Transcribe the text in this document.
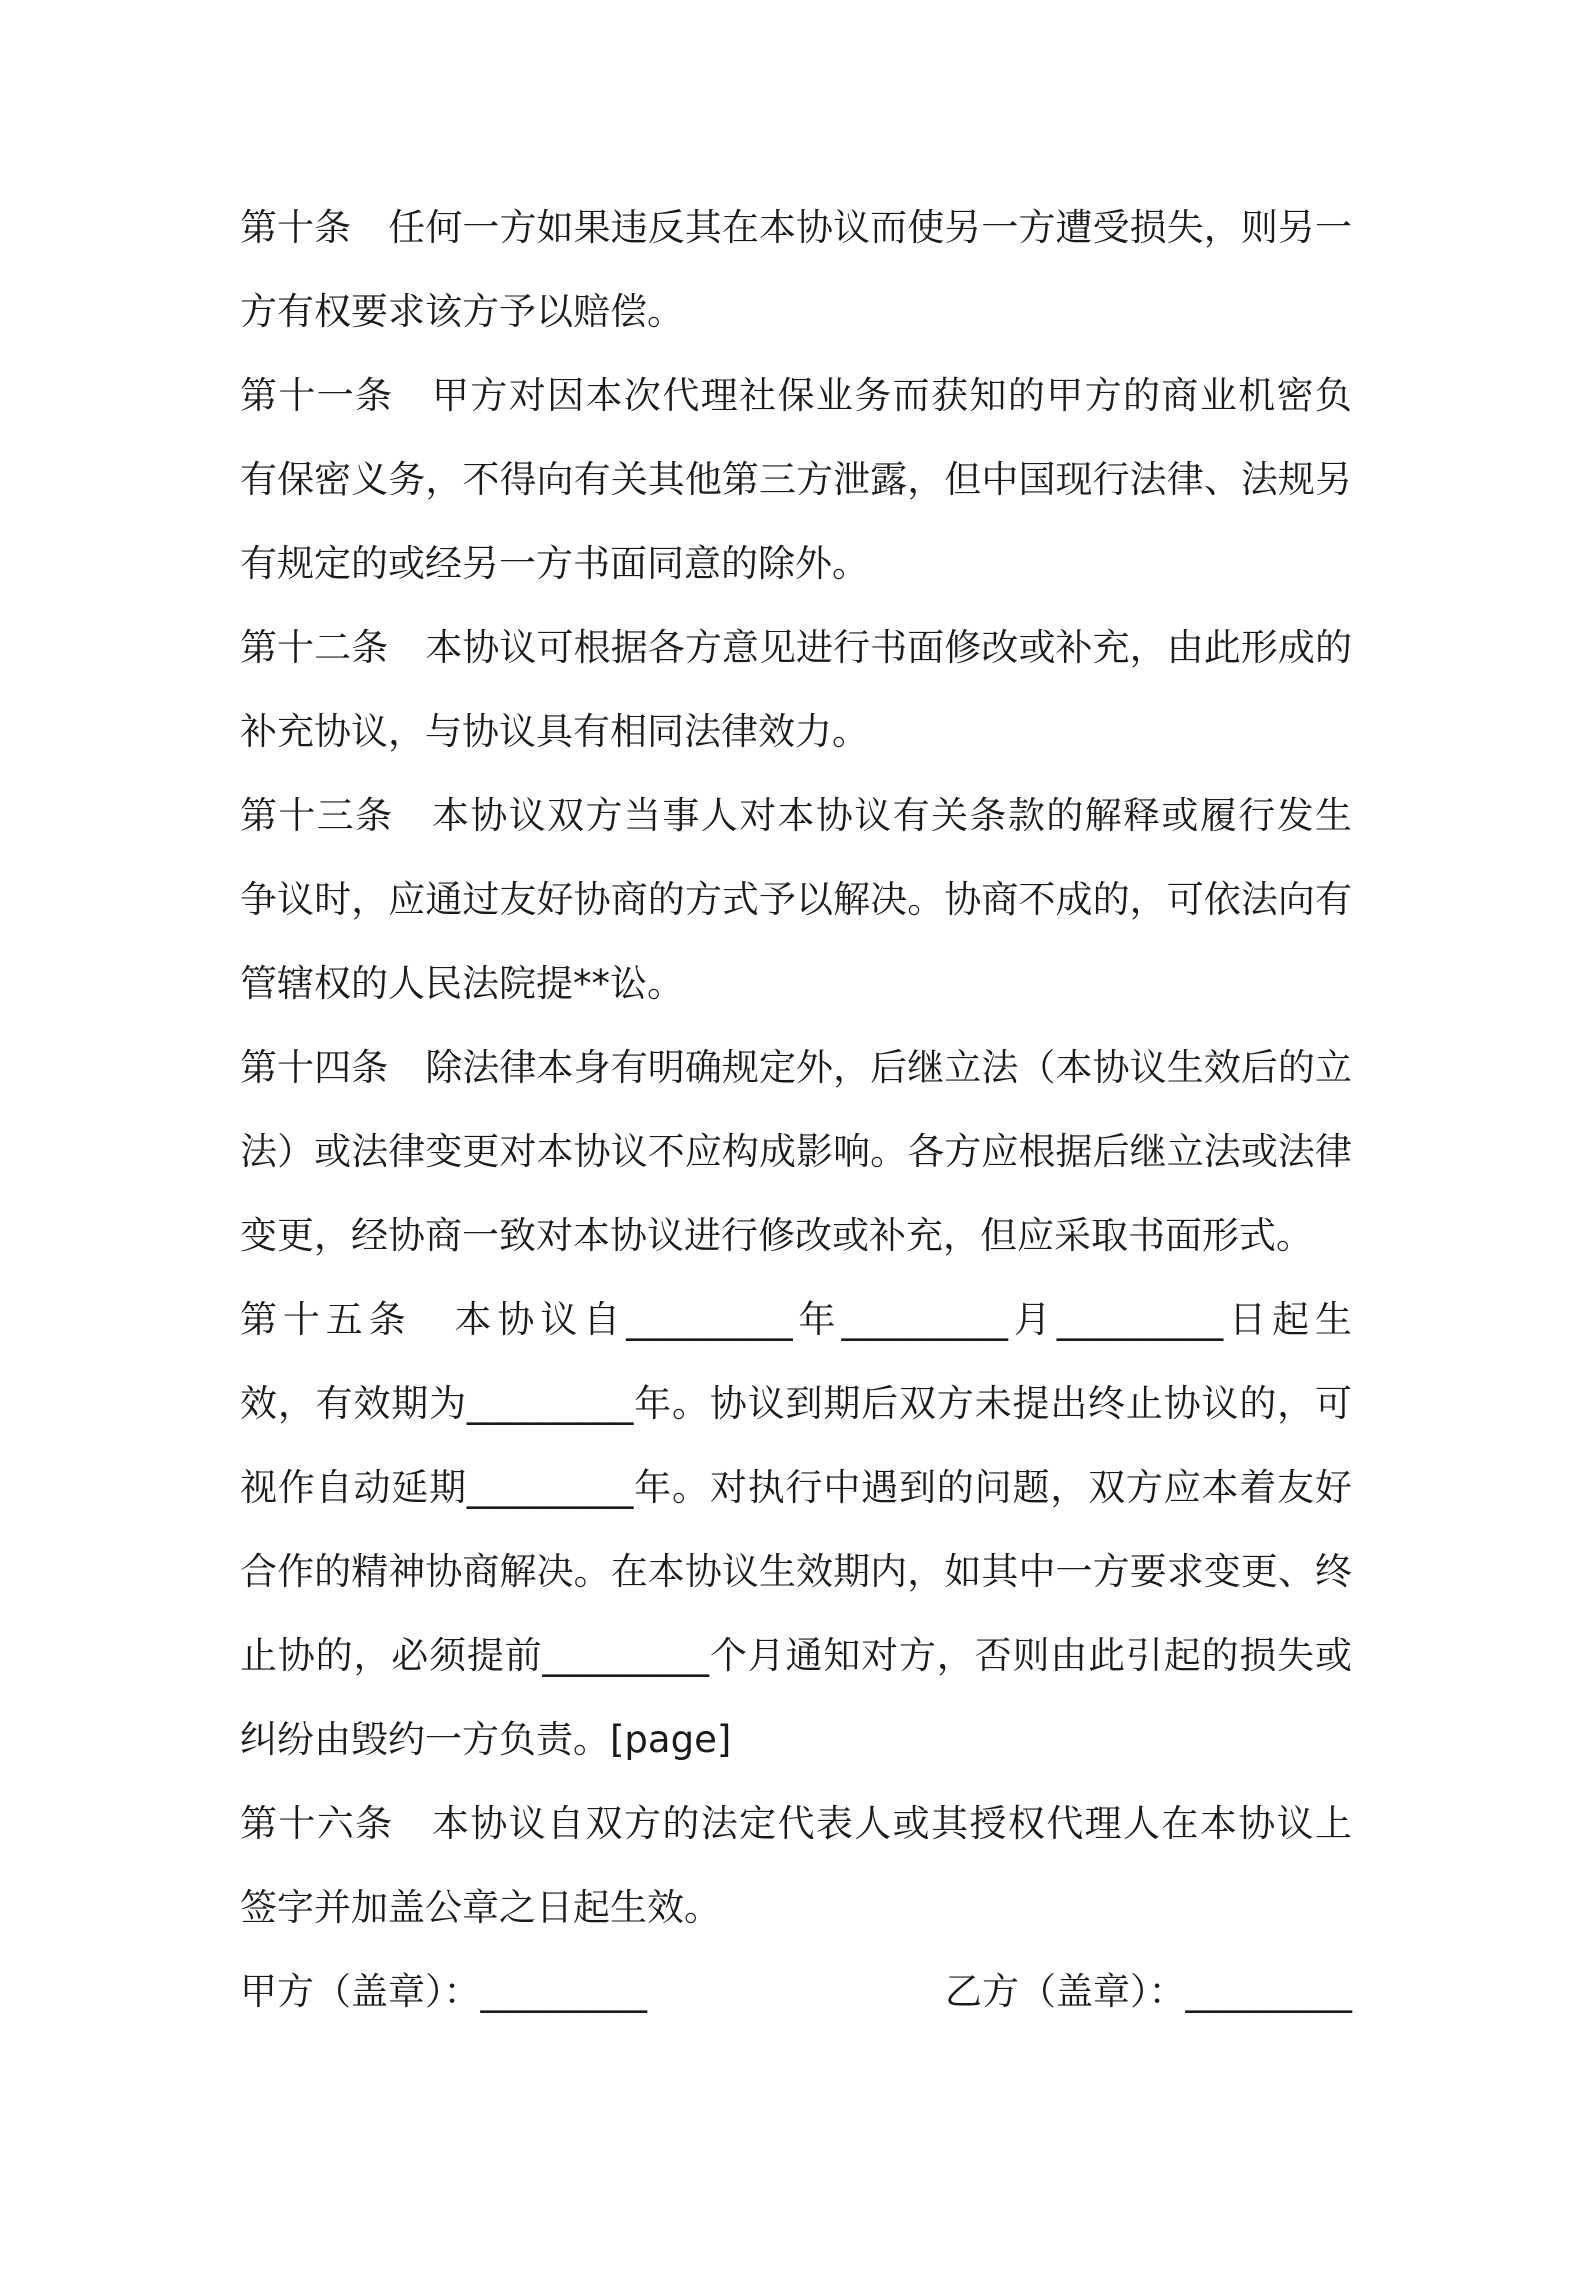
第十条　任何一方如果违反其在本协议而使另一方遭受损失，则另一
方有权要求该方予以赔偿。
第十一条　甲方对因本次代理社保业务而获知的甲方的商业机密负
有保密义务，不得向有关其他第三方泄露，但中国现行法律、法规另
有规定的或经另一方书面同意的除外。
第十二条　本协议可根据各方意见进行书面修改或补充，由此形成的
补充协议，与协议具有相同法律效力。
第十三条　本协议双方当事人对本协议有关条款的解释或履行发生
争议时，应通过友好协商的方式予以解决。协商不成的，可依法向有
管辖权的人民法院提**讼。
第十四条　除法律本身有明确规定外，后继立法（本协议生效后的立
法）或法律变更对本协议不应构成影响。各方应根据后继立法或法律
变更，经协商一致对本协议进行修改或补充，但应采取书面形式。
第十五条　本协议自_________年_________月_________日起生
效，有效期为_________年。协议到期后双方未提出终止协议的，可
视作自动延期_________年。对执行中遇到的问题，双方应本着友好
合作的精神协商解决。在本协议生效期内，如其中一方要求变更、终
止协的，必须提前_________个月通知对方，否则由此引起的损失或
纠纷由毁约一方负责。[page]
第十六条　本协议自双方的法定代表人或其授权代理人在本协议上
签字并加盖公章之日起生效。

甲方（盖章）：_________

	乙方（盖章）：_________
